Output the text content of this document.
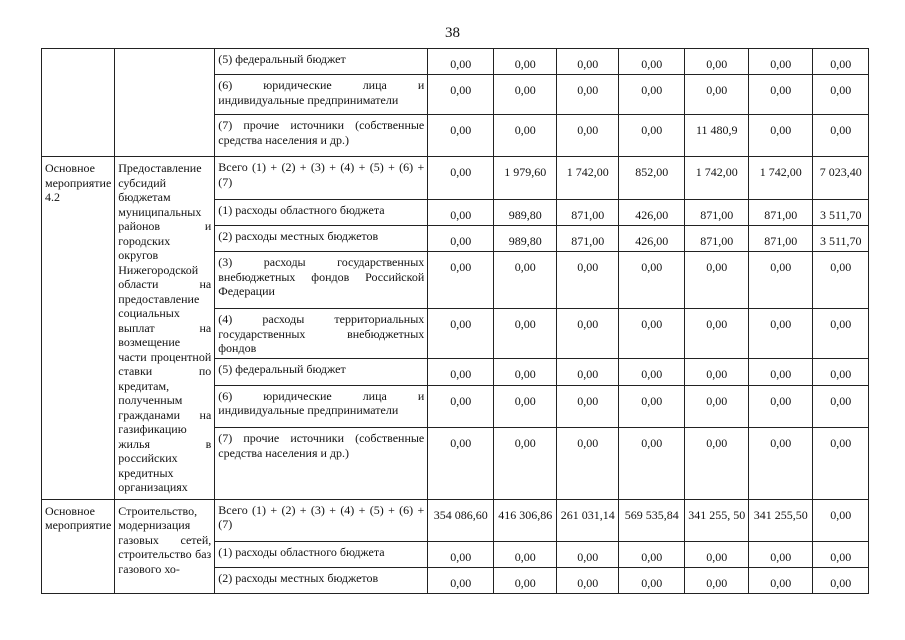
38
		(5) федеральный бюджет	0,00	0,00	0,00	0,00	0,00	0,00	0,00
		(6) юридические лица и индивидуальные предприниматели	0,00	0,00	0,00	0,00	0,00	0,00	0,00
		(7) прочие источники (собственные средства населения и др.)	0,00	0,00	0,00	0,00	11 480,9	0,00	0,00
Основное мероприятие 4.2	Предоставление субсидий бюджетам муниципальных районов и городских округов Нижегородской области на предоставление социальных выплат на возмещение части процентной ставки по кредитам, полученным гражданами на газификацию жилья в российских кредитных организациях	Всего (1) + (2) + (3) + (4) + (5) + (6) + (7)	0,00	1 979,60	1 742,00	852,00	1 742,00	1 742,00	7 023,40
		(1) расходы областного бюджета	0,00	989,80	871,00	426,00	871,00	871,00	3 511,70
		(2) расходы местных бюджетов	0,00	989,80	871,00	426,00	871,00	871,00	3 511,70
		(3) расходы государственных внебюджетных фондов Российской Федерации	0,00	0,00	0,00	0,00	0,00	0,00	0,00
		(4) расходы территориальных государственных внебюджетных фондов	0,00	0,00	0,00	0,00	0,00	0,00	0,00
		(5) федеральный бюджет	0,00	0,00	0,00	0,00	0,00	0,00	0,00
		(6) юридические лица и индивидуальные предприниматели	0,00	0,00	0,00	0,00	0,00	0,00	0,00
		(7) прочие источники (собственные средства населения и др.)	0,00	0,00	0,00	0,00	0,00	0,00	0,00
Основное мероприятие	Строительство, модернизация газовых сетей, строительство баз газового хо-	Всего (1) + (2) + (3) + (4) + (5) + (6) + (7)	354 086,60	416 306,86	261 031,14	569 535,84	341 255, 50	341 255,50	0,00
		(1) расходы областного бюджета	0,00	0,00	0,00	0,00	0,00	0,00	0,00
		(2) расходы местных бюджетов	0,00	0,00	0,00	0,00	0,00	0,00	0,00
